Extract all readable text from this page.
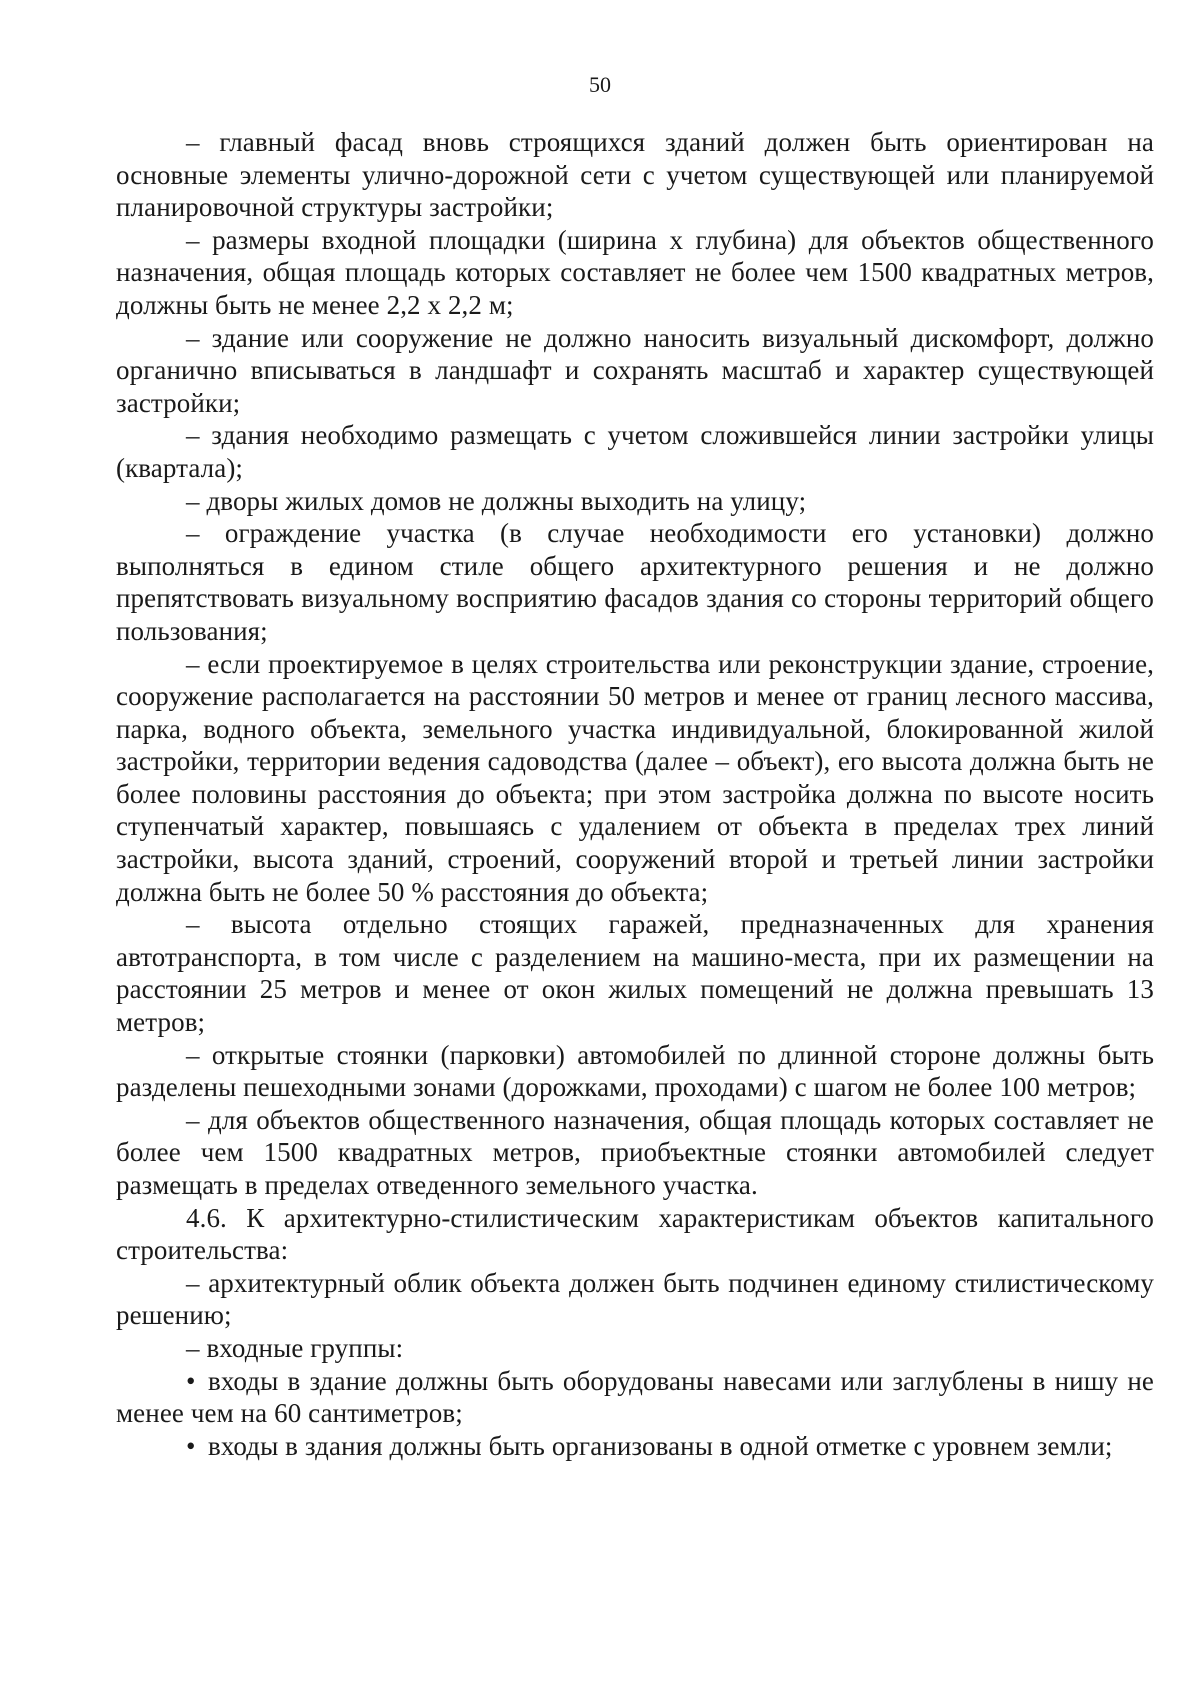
50

– главный фасад вновь строящихся зданий должен быть ориентирован на основные элементы улично-дорожной сети с учетом существующей или планируемой планировочной структуры застройки;

– размеры входной площадки (ширина х глубина) для объектов общественного назначения, общая площадь которых составляет не более чем 1500 квадратных метров, должны быть не менее 2,2 х 2,2 м;

– здание или сооружение не должно наносить визуальный дискомфорт, должно органично вписываться в ландшафт и сохранять масштаб и характер существующей застройки;

– здания необходимо размещать с учетом сложившейся линии застройки улицы (квартала);

– дворы жилых домов не должны выходить на улицу;

– ограждение участка (в случае необходимости его установки) должно выполняться в едином стиле общего архитектурного решения и не должно препятствовать визуальному восприятию фасадов здания со стороны территорий общего пользования;

– если проектируемое в целях строительства или реконструкции здание, строение, сооружение располагается на расстоянии 50 метров и менее от границ лесного массива, парка, водного объекта, земельного участка индивидуальной, блокированной жилой застройки, территории ведения садоводства (далее – объект), его высота должна быть не более половины расстояния до объекта; при этом застройка должна по высоте носить ступенчатый характер, повышаясь с удалением от объекта в пределах трех линий застройки, высота зданий, строений, сооружений второй и третьей линии застройки должна быть не более 50 % расстояния до объекта;

– высота отдельно стоящих гаражей, предназначенных для хранения автотранспорта, в том числе с разделением на машино-места, при их размещении на расстоянии 25 метров и менее от окон жилых помещений не должна превышать 13 метров;

– открытые стоянки (парковки) автомобилей по длинной стороне должны быть разделены пешеходными зонами (дорожками, проходами) с шагом не более 100 метров;

– для объектов общественного назначения, общая площадь которых составляет не более чем 1500 квадратных метров, приобъектные стоянки автомобилей следует размещать в пределах отведенного земельного участка.

4.6. К архитектурно-стилистическим характеристикам объектов капитального строительства:

– архитектурный облик объекта должен быть подчинен единому стилистическому решению;

– входные группы:

• входы в здание должны быть оборудованы навесами или заглублены в нишу не менее чем на 60 сантиметров;

• входы в здания должны быть организованы в одной отметке с уровнем земли;
